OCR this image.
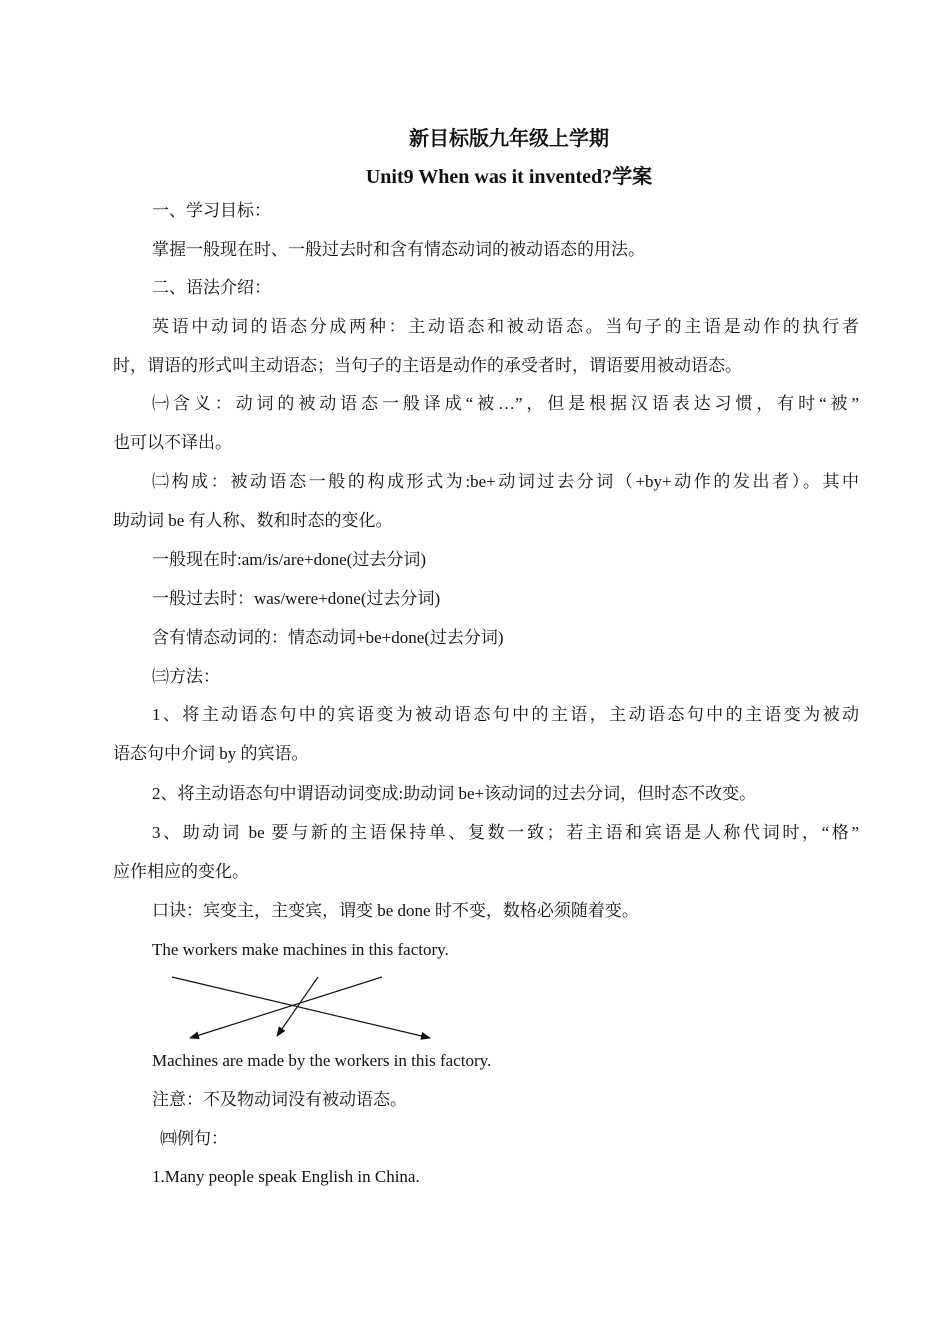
新目标版九年级上学期
Unit9 When was it invented?学案
一、学习目标：
掌握一般现在时、一般过去时和含有情态动词的被动语态的用法。
二、语法介绍：
英语中动词的语态分成两种：主动语态和被动语态。当句子的主语是动作的执行者
时，谓语的形式叫主动语态；当句子的主语是动作的承受者时，谓语要用被动语态。
㈠含义：动词的被动语态一般译成“被…”，但是根据汉语表达习惯，有时“被”
也可以不译出。
㈡构成：被动语态一般的构成形式为:be+动词过去分词（+by+动作的发出者）。其中
助动词 be 有人称、数和时态的变化。
一般现在时:am/is/are+done(过去分词)
一般过去时：was/were+done(过去分词)
含有情态动词的：情态动词+be+done(过去分词)
㈢方法：
1、将主动语态句中的宾语变为被动语态句中的主语，主动语态句中的主语变为被动
语态句中介词 by 的宾语。
2、将主动语态句中谓语动词变成:助动词 be+该动词的过去分词，但时态不改变。
3、助动词 be 要与新的主语保持单、复数一致；若主语和宾语是人称代词时，“格”
应作相应的变化。
口诀：宾变主，主变宾，谓变 be done 时不变，数格必须随着变。
The workers make machines in this factory.
Machines are made by the workers in this factory.
注意：不及物动词没有被动语态。
㈣例句：
1.Many people speak English in China.
